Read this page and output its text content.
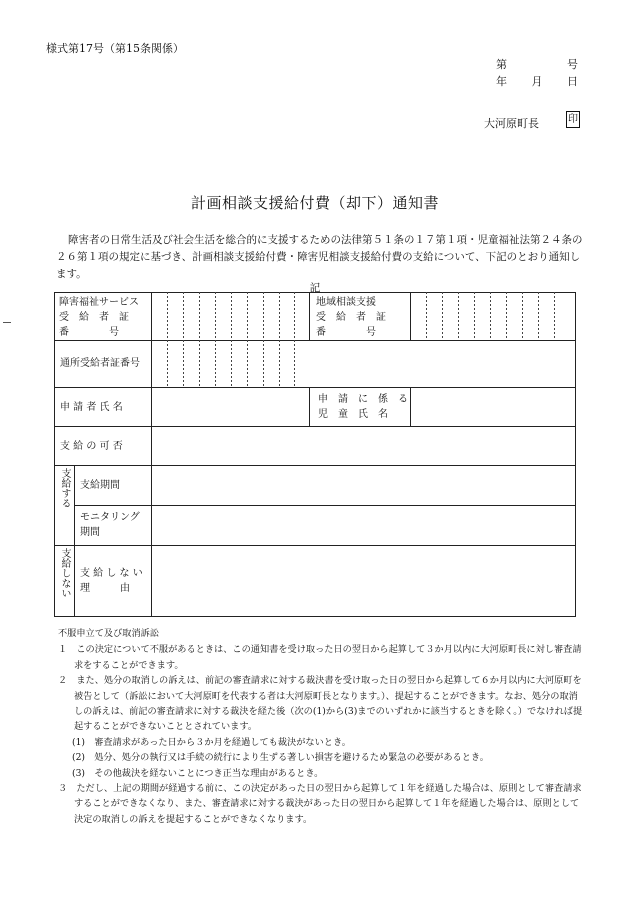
様式第17号（第15条関係）
第	号
年 月 日
大河原町長	印
計画相談支援給付費（却下）通知書
障害者の日常生活及び社会生活を総合的に支援するための法律第５１条の１７第１項・児童福祉法第２４条の２６第１項の規定に基づき、計画相談支援給付費・障害児相談支援給付費の支給について、下記のとおり通知します。
記
障害福祉サービス
受　給　者　証
番　　　　号
地域相談支援
受　給　者　証
番　　　　号
通所受給者証番号
申 請 者 氏 名
申　請　に　係　る
児　童　氏　名
支 給 の 可 否
支給する 支給期間
モニタリング
期間
支給しない 支 給 し な い
理　　　由

不服申立て及び取消訴訟

１　この決定について不服があるときは、この通知書を受け取った日の翌日から起算して３か月以内に大河原町長に対し審査請求をすることができます。

２　また、処分の取消しの訴えは、前記の審査請求に対する裁決書を受け取った日の翌日から起算して６か月以内に大河原町を被告として（訴訟において大河原町を代表する者は大河原町長となります。）、提起することができます。なお、処分の取消しの訴えは、前記の審査請求に対する裁決を経た後（次の(1)から(3)までのいずれかに該当するときを除く。）でなければ提起することができないこととされています。

(1)　審査請求があった日から３か月を経過しても裁決がないとき。

(2)　処分、処分の執行又は手続の続行により生ずる著しい損害を避けるため緊急の必要があるとき。

(3)　その他裁決を経ないことにつき正当な理由があるとき。

３　ただし、上記の期間が経過する前に、この決定があった日の翌日から起算して１年を経過した場合は、原則として審査請求することができなくなり、また、審査請求に対する裁決があった日の翌日から起算して１年を経過した場合は、原則として決定の取消しの訴えを提起することができなくなります。
